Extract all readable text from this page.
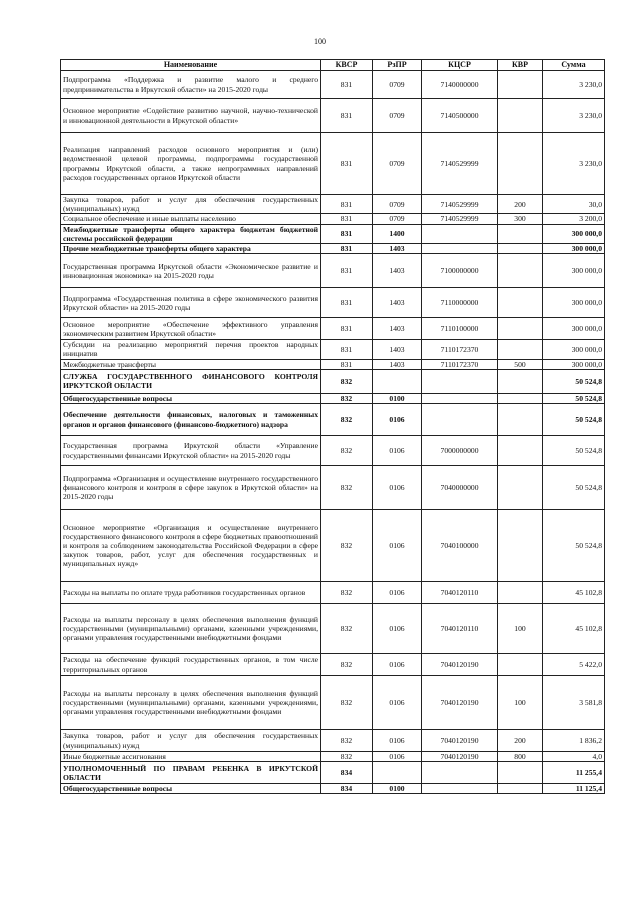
100
Наименование	КВСР	РзПР	КЦСР	КВР	Сумма
Подпрограмма «Поддержка и развитие малого и среднего предпринимательства в Иркутской области» на 2015-2020 годы	831	0709	7140000000		3 230,0
Основное мероприятие «Содействие развитию научной, научно-технической и инновационной деятельности в Иркутской области»	831	0709	7140500000		3 230,0
Реализация направлений расходов основного мероприятия и (или) ведомственной целевой программы, подпрограммы государственной программы Иркутской области, а также непрограммных направлений расходов государственных органов Иркутской области	831	0709	7140529999		3 230,0
Закупка товаров, работ и услуг для обеспечения государственных (муниципальных) нужд	831	0709	7140529999	200	30,0
Социальное обеспечение и иные выплаты населению	831	0709	7140529999	300	3 200,0
Межбюджетные трансферты общего характера бюджетам бюджетной системы российской федерации	831	1400			300 000,0
Прочие межбюджетные трансферты общего характера	831	1403			300 000,0
Государственная программа Иркутской области «Экономическое развитие и инновационная экономика» на 2015-2020 годы	831	1403	7100000000		300 000,0
Подпрограмма «Государственная политика в сфере экономического развития Иркутской области» на 2015-2020 годы	831	1403	7110000000		300 000,0
Основное мероприятие «Обеспечение эффективного управления экономическим развитием Иркутской области»	831	1403	7110100000		300 000,0
Субсидии на реализацию мероприятий перечня проектов народных инициатив	831	1403	7110172370		300 000,0
Межбюджетные трансферты	831	1403	7110172370	500	300 000,0
СЛУЖБА ГОСУДАРСТВЕННОГО ФИНАНСОВОГО КОНТРОЛЯ ИРКУТСКОЙ ОБЛАСТИ	832				50 524,8
Общегосударственные вопросы	832	0100			50 524,8
Обеспечение деятельности финансовых, налоговых и таможенных органов и органов финансового (финансово-бюджетного) надзора	832	0106			50 524,8
Государственная программа Иркутской области «Управление государственными финансами Иркутской области» на 2015-2020 годы	832	0106	7000000000		50 524,8
Подпрограмма «Организация и осуществление внутреннего государственного финансового контроля и контроля в сфере закупок в Иркутской области» на 2015-2020 годы	832	0106	7040000000		50 524,8
Основное мероприятие «Организация и осуществление внутреннего государственного финансового контроля в сфере бюджетных правоотношений и контроля за соблюдением законодательства Российской Федерации в сфере закупок товаров, работ, услуг для обеспечения государственных и муниципальных нужд»	832	0106	7040100000		50 524,8
Расходы на выплаты по оплате труда работников государственных органов	832	0106	7040120110		45 102,8
Расходы на выплаты персоналу в целях обеспечения выполнения функций государственными (муниципальными) органами, казенными учреждениями, органами управления государственными внебюджетными фондами	832	0106	7040120110	100	45 102,8
Расходы на обеспечение функций государственных органов, в том числе территориальных органов	832	0106	7040120190		5 422,0
Расходы на выплаты персоналу в целях обеспечения выполнения функций государственными (муниципальными) органами, казенными учреждениями, органами управления государственными внебюджетными фондами	832	0106	7040120190	100	3 581,8
Закупка товаров, работ и услуг для обеспечения государственных (муниципальных) нужд	832	0106	7040120190	200	1 836,2
Иные бюджетные ассигнования	832	0106	7040120190	800	4,0
УПОЛНОМОЧЕННЫЙ ПО ПРАВАМ РЕБЕНКА В ИРКУТСКОЙ ОБЛАСТИ	834				11 255,4
Общегосударственные вопросы	834	0100			11 125,4
